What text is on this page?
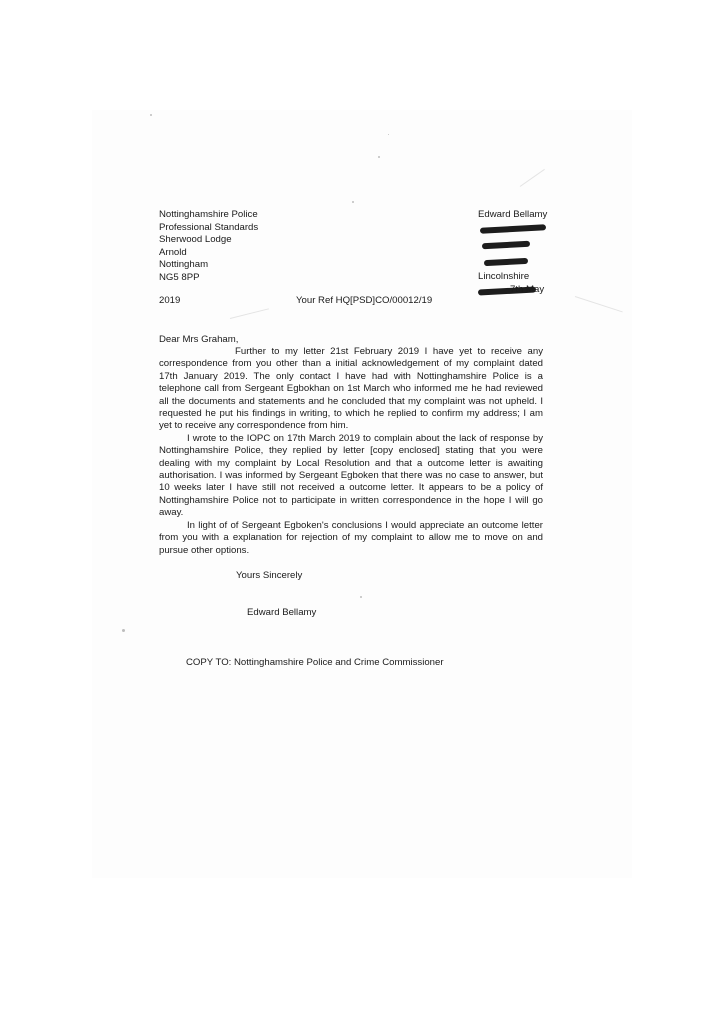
Nottinghamshire Police
Professional Standards
Sherwood Lodge
Arnold
Nottingham
NG5 8PP
Edward Bellamy
Lincolnshire
7th May
2019	Your Ref HQ[PSD]CO/00012/19
Dear Mrs Graham,

Further to my letter 21st February 2019 I have yet to receive any correspondence from you other than a initial acknowledgement of my complaint dated 17th January 2019. The only contact I have had with Nottinghamshire Police is a telephone call from Sergeant Egbokhan on 1st March who informed me he had reviewed all the documents and statements and he concluded that my complaint was not upheld. I requested he put his findings in writing, to which he replied to confirm my address; I am yet to receive any correspondence from him.

I wrote to the IOPC on 17th March 2019 to complain about the lack of response by Nottinghamshire Police, they replied by letter [copy enclosed] stating that you were dealing with my complaint by Local Resolution and that a outcome letter is awaiting authorisation. I was informed by Sergeant Egboken that there was no case to answer, but 10 weeks later I have still not received a outcome letter. It appears to be a policy of Nottinghamshire Police not to participate in written correspondence in the hope I will go away.

In light of of Sergeant Egboken's conclusions I would appreciate an outcome letter from you with a explanation for rejection of my complaint to allow me to move on and pursue other options.

Yours Sincerely
Edward Bellamy
COPY TO: Nottinghamshire Police and Crime Commissioner
